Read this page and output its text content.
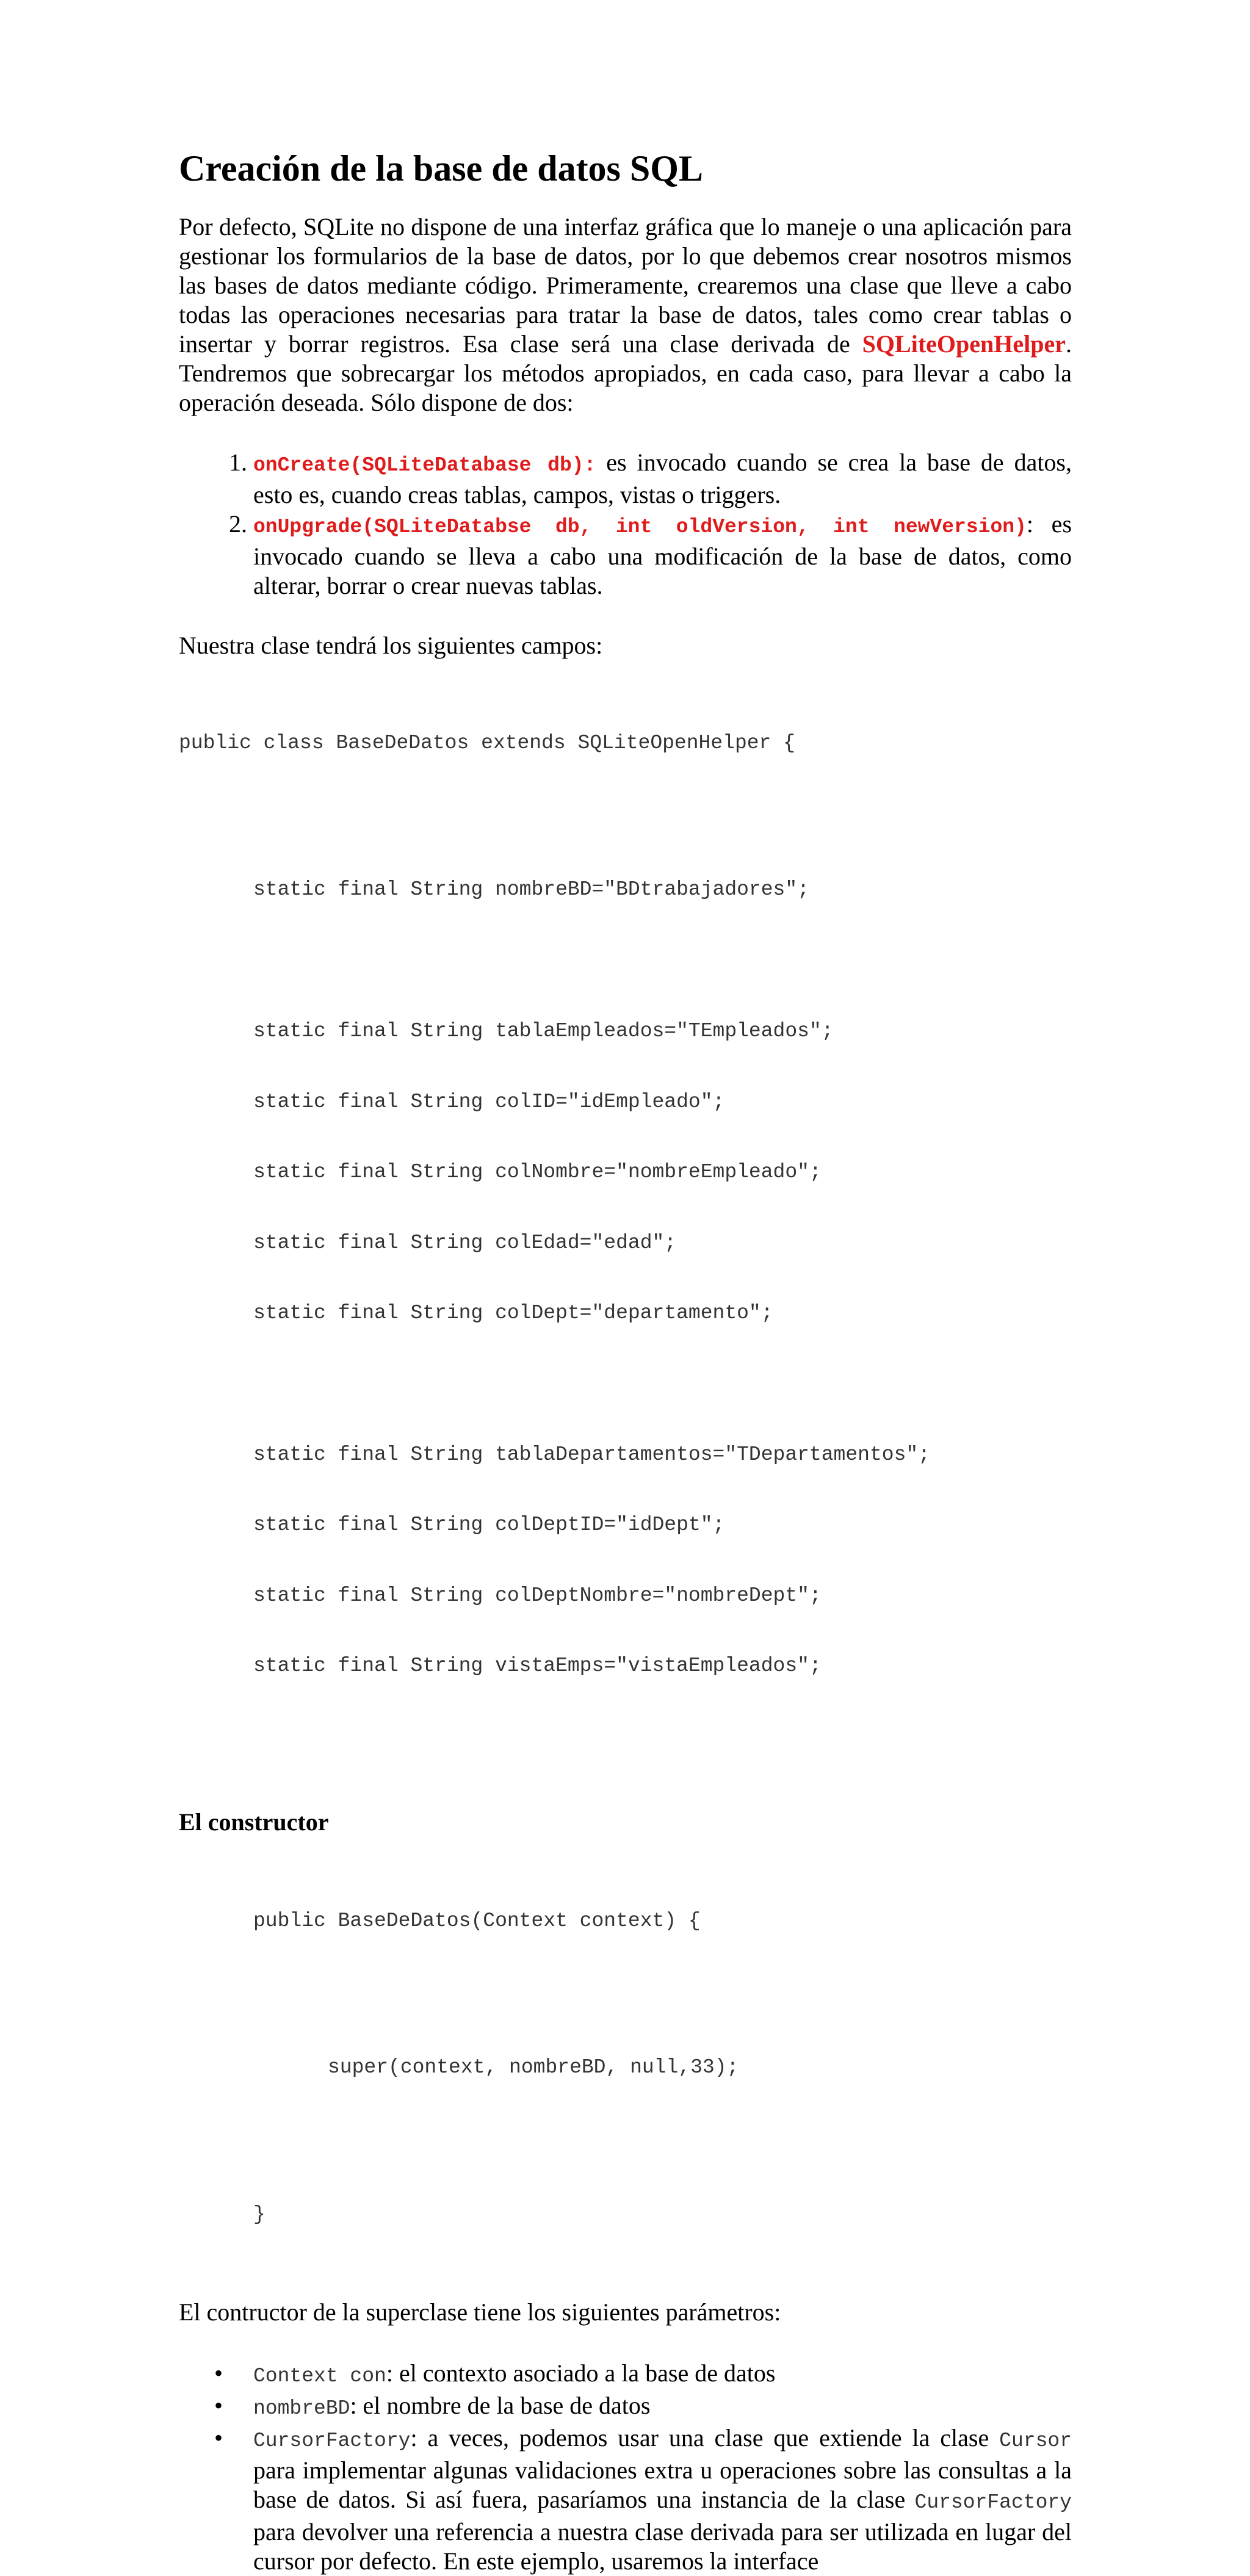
Creación de la base de datos SQL

Por defecto, SQLite no dispone de una interfaz gráfica que lo maneje o una aplicación para gestionar los formularios de la base de datos, por lo que debemos crear nosotros mismos las bases de datos mediante código. Primeramente, crearemos una clase que lleve a cabo todas las operaciones necesarias para tratar la base de datos, tales como crear tablas o insertar y borrar registros. Esa clase será una clase derivada de SQLiteOpenHelper. Tendremos que sobrecargar los métodos apropiados, en cada caso, para llevar a cabo la operación deseada. Sólo dispone de dos:

1. onCreate(SQLiteDatabase db): es invocado cuando se crea la base de datos, esto es, cuando creas tablas, campos, vistas o triggers.
2. onUpgrade(SQLiteDatabse db, int oldVersion, int newVersion): es invocado cuando se lleva a cabo una modificación de la base de datos, como alterar, borrar o crear nuevas tablas.

Nuestra clase tendrá los siguientes campos:

public class BaseDeDatos extends SQLiteOpenHelper {

static final String nombreBD="BDtrabajadores";

static final String tablaEmpleados="TEmpleados";

static final String colID="idEmpleado";

static final String colNombre="nombreEmpleado";

static final String colEdad="edad";

static final String colDept="departamento";

static final String tablaDepartamentos="TDepartamentos";

static final String colDeptID="idDept";

static final String colDeptNombre="nombreDept";

static final String vistaEmps="vistaEmpleados";

El constructor

public BaseDeDatos(Context context) {

super(context, nombreBD, null,33);

}

El contructor de la superclase tiene los siguientes parámetros:

• Context con: el contexto asociado a la base de datos
• nombreBD: el nombre de la base de datos
• CursorFactory: a veces, podemos usar una clase que extiende la clase Cursor para implementar algunas validaciones extra u operaciones sobre las consultas a la base de datos. Si así fuera, pasaríamos una instancia de la clase CursorFactory para devolver una referencia a nuestra clase derivada para ser utilizada en lugar del cursor por defecto. En este ejemplo, usaremos la interface
